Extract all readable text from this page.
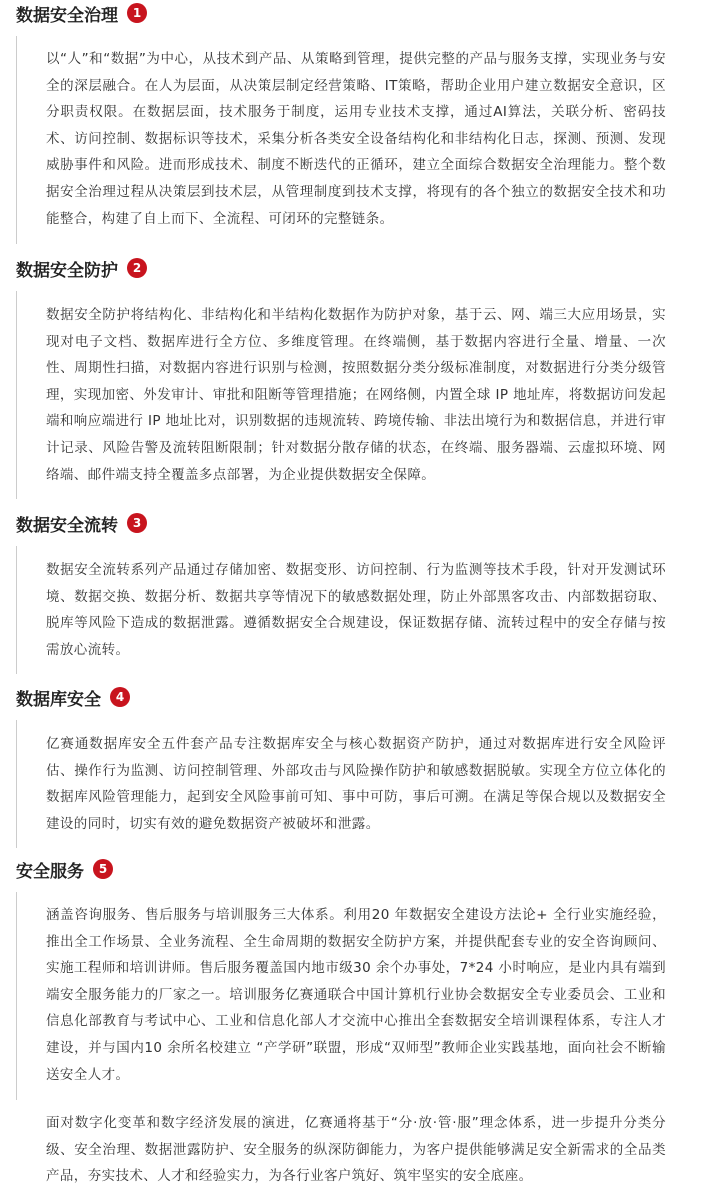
数据安全治理	1

以“人”和“数据”为中心，从技术到产品、从策略到管理，提供完整的产品与服务支撑，实现业务与安全的深层融合。在人为层面，从决策层制定经营策略、IT策略，帮助企业用户建立数据安全意识，区分职责权限。在数据层面，技术服务于制度，运用专业技术支撑，通过AI算法，关联分析、密码技术、访问控制、数据标识等技术，采集分析各类安全设备结构化和非结构化日志，探测、预测、发现威胁事件和风险。进而形成技术、制度不断迭代的正循环，建立全面综合数据安全治理能力。整个数据安全治理过程从决策层到技术层，从管理制度到技术支撑，将现有的各个独立的数据安全技术和功能整合，构建了自上而下、全流程、可闭环的完整链条。

数据安全防护	2

数据安全防护将结构化、非结构化和半结构化数据作为防护对象，基于云、网、端三大应用场景，实现对电子文档、数据库进行全方位、多维度管理。在终端侧，基于数据内容进行全量、增量、一次性、周期性扫描，对数据内容进行识别与检测，按照数据分类分级标准制度，对数据进行分类分级管理，实现加密、外发审计、审批和阻断等管理措施；在网络侧，内置全球 IP 地址库，将数据访问发起端和响应端进行 IP 地址比对，识别数据的违规流转、跨境传输、非法出境行为和数据信息，并进行审计记录、风险告警及流转阻断限制；针对数据分散存储的状态，在终端、服务器端、云虚拟环境、网络端、邮件端支持全覆盖多点部署，为企业提供数据安全保障。

数据安全流转	3

数据安全流转系列产品通过存储加密、数据变形、访问控制、行为监测等技术手段，针对开发测试环境、数据交换、数据分析、数据共享等情况下的敏感数据处理，防止外部黑客攻击、内部数据窃取、脱库等风险下造成的数据泄露。遵循数据安全合规建设，保证数据存储、流转过程中的安全存储与按需放心流转。

数据库安全	4

亿赛通数据库安全五件套产品专注数据库安全与核心数据资产防护，通过对数据库进行安全风险评估、操作行为监测、访问控制管理、外部攻击与风险操作防护和敏感数据脱敏。实现全方位立体化的数据库风险管理能力，起到安全风险事前可知、事中可防，事后可溯。在满足等保合规以及数据安全建设的同时，切实有效的避免数据资产被破坏和泄露。

安全服务	5

涵盖咨询服务、售后服务与培训服务三大体系。利用20 年数据安全建设方法论+ 全行业实施经验，推出全工作场景、全业务流程、全生命周期的数据安全防护方案，并提供配套专业的安全咨询顾问、实施工程师和培训讲师。售后服务覆盖国内地市级30 余个办事处，7*24 小时响应，是业内具有端到端安全服务能力的厂家之一。培训服务亿赛通联合中国计算机行业协会数据安全专业委员会、工业和信息化部教育与考试中心、工业和信息化部人才交流中心推出全套数据安全培训课程体系，专注人才建设，并与国内10 余所名校建立 “产学研”联盟，形成“双师型”教师企业实践基地，面向社会不断输送安全人才。

面对数字化变革和数字经济发展的演进，亿赛通将基于“分·放·管·服”理念体系，进一步提升分类分级、安全治理、数据泄露防护、安全服务的纵深防御能力，为客户提供能够满足安全新需求的全品类产品，夯实技术、人才和经验实力，为各行业客户筑好、筑牢坚实的安全底座。
